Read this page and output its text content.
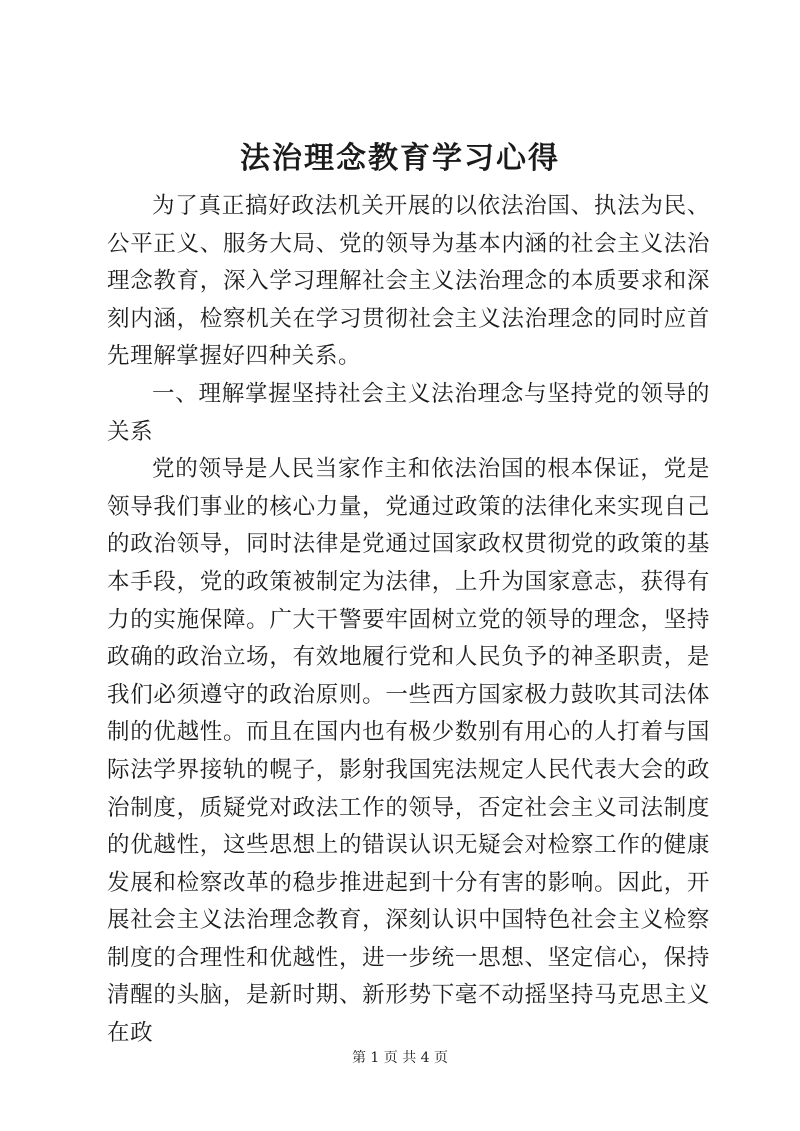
法治理念教育学习心得

为了真正搞好政法机关开展的以依法治国、执法为民、公平正义、服务大局、党的领导为基本内涵的社会主义法治理念教育，深入学习理解社会主义法治理念的本质要求和深刻内涵，检察机关在学习贯彻社会主义法治理念的同时应首先理解掌握好四种关系。

一、理解掌握坚持社会主义法治理念与坚持党的领导的关系

党的领导是人民当家作主和依法治国的根本保证，党是领导我们事业的核心力量，党通过政策的法律化来实现自己的政治领导，同时法律是党通过国家政权贯彻党的政策的基本手段，党的政策被制定为法律，上升为国家意志，获得有力的实施保障。广大干警要牢固树立党的领导的理念，坚持政确的政治立场，有效地履行党和人民负予的神圣职责，是我们必须遵守的政治原则。一些西方国家极力鼓吹其司法体制的优越性。而且在国内也有极少数别有用心的人打着与国际法学界接轨的幌子，影射我国宪法规定人民代表大会的政治制度，质疑党对政法工作的领导，否定社会主义司法制度的优越性，这些思想上的错误认识无疑会对检察工作的健康发展和检察改革的稳步推进起到十分有害的影响。因此，开展社会主义法治理念教育，深刻认识中国特色社会主义检察制度的合理性和优越性，进一步统一思想、坚定信心，保持清醒的头脑，是新时期、新形势下毫不动摇坚持马克思主义在政

第 1 页 共 4 页
